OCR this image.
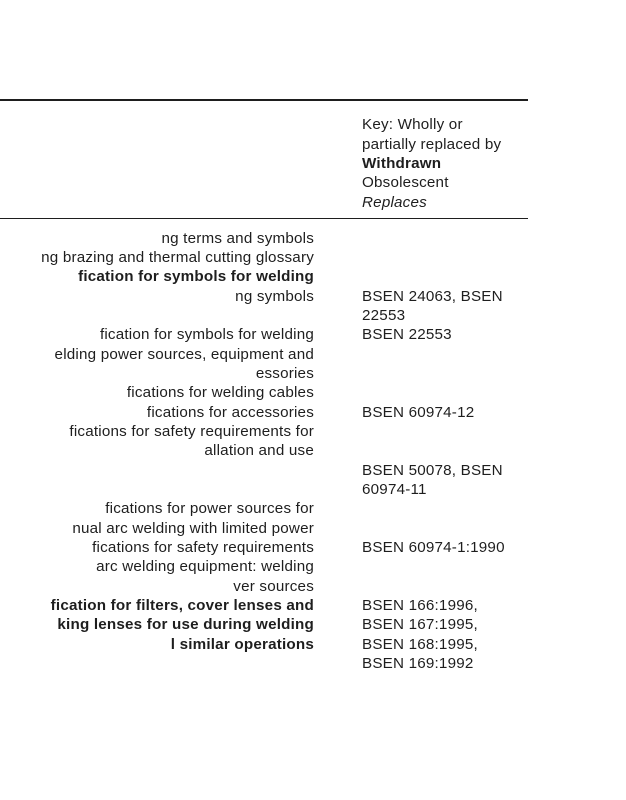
Key: Wholly or
partially replaced by
Withdrawn
Obsolescent
Replaces
ng terms and symbols
ng brazing and thermal cutting glossary
fication for symbols for welding
ng symbols
fication for symbols for welding
elding power sources, equipment and
essories
fications for welding cables
fications for accessories
fications for safety requirements for
allation and use
fications for power sources for
nual arc welding with limited power
fications for safety requirements
arc welding equipment: welding
ver sources
fication for filters, cover lenses and
king lenses for use during welding
l similar operations
BSEN 24063, BSEN
22553
BSEN 22553
BSEN 60974-12
BSEN 50078, BSEN
60974-11
BSEN 60974-1:1990
BSEN 166:1996,
BSEN 167:1995,
BSEN 168:1995,
BSEN 169:1992
